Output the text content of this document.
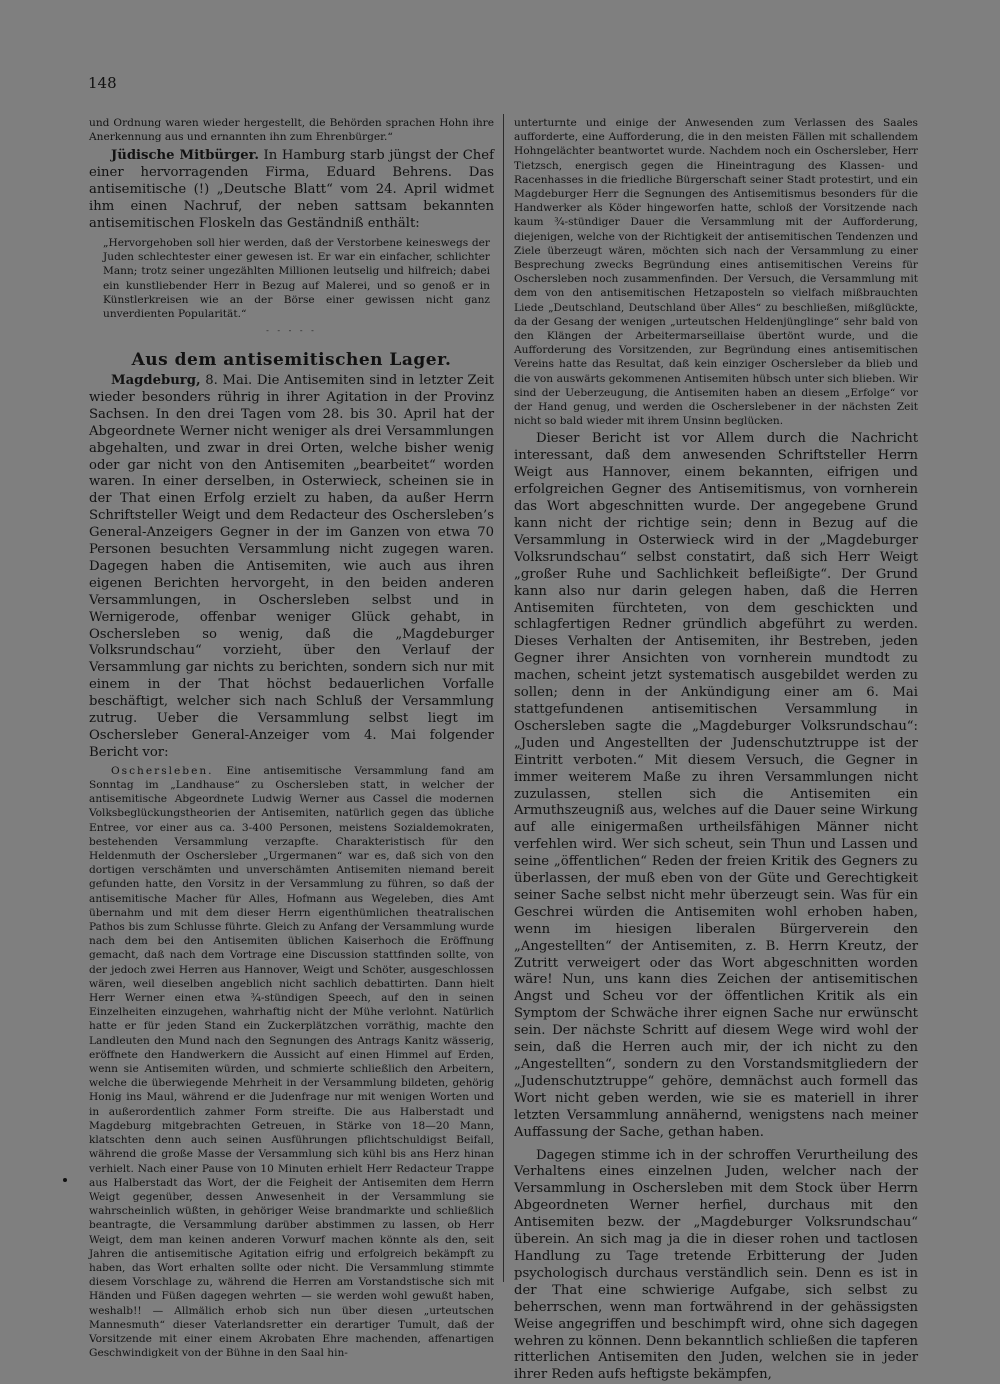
148

und Ordnung waren wieder hergestellt, die Behörden sprachen Hohn ihre Anerkennung aus und ernannten ihn zum Ehrenbürger.“

Jüdische Mitbürger. In Hamburg starb jüngst der Chef einer hervorragenden Firma, Eduard Behrens. Das antisemitische (!) „Deutsche Blatt“ vom 24. April widmet ihm einen Nachruf, der neben sattsam bekannten antisemitischen Floskeln das Geständniß enthält:

„Hervorgehoben soll hier werden, daß der Verstorbene keineswegs der Juden schlechtester einer gewesen ist. Er war ein einfacher, schlichter Mann; trotz seiner ungezählten Millionen leutselig und hilfreich; dabei ein kunstliebender Herr in Bezug auf Malerei, und so genoß er in Künstlerkreisen wie an der Börse einer gewissen nicht ganz unverdienten Popularität.“

- - - - -
Aus dem antisemitischen Lager.

Magdeburg, 8. Mai. Die Antisemiten sind in letzter Zeit wieder besonders rührig in ihrer Agitation in der Provinz Sachsen. In den drei Tagen vom 28. bis 30. April hat der Abgeordnete Werner nicht weniger als drei Versammlungen abgehalten, und zwar in drei Orten, welche bisher wenig oder gar nicht von den Antisemiten „bearbeitet“ worden waren. In einer derselben, in Osterwieck, scheinen sie in der That einen Erfolg erzielt zu haben, da außer Herrn Schriftsteller Weigt und dem Redacteur des Oschersleben’s General-Anzeigers Gegner in der im Ganzen von etwa 70 Personen besuchten Versammlung nicht zugegen waren. Dagegen haben die Antisemiten, wie auch aus ihren eigenen Berichten hervorgeht, in den beiden anderen Versammlungen, in Oschersleben selbst und in Wernigerode, offenbar weniger Glück gehabt, in Oschersleben so wenig, daß die „Magdeburger Volksrundschau“ vorzieht, über den Verlauf der Versammlung gar nichts zu berichten, sondern sich nur mit einem in der That höchst bedauerlichen Vorfalle beschäftigt, welcher sich nach Schluß der Versammlung zutrug. Ueber die Versammlung selbst liegt im Oschersleber General-Anzeiger vom 4. Mai folgender Bericht vor:

Oschersleben. Eine antisemitische Versammlung fand am Sonntag im „Landhause“ zu Oschersleben statt, in welcher der antisemitische Abgeordnete Ludwig Werner aus Cassel die modernen Volksbeglückungstheorien der Antisemiten, natürlich gegen das übliche Entree, vor einer aus ca. 3-400 Personen, meistens Sozialdemokraten, bestehenden Versammlung verzapfte. Charakteristisch für den Heldenmuth der Oschersleber „Urgermanen“ war es, daß sich von den dortigen verschämten und unverschämten Antisemiten niemand bereit gefunden hatte, den Vorsitz in der Versammlung zu führen, so daß der antisemitische Macher für Alles, Hofmann aus Wegeleben, dies Amt übernahm und mit dem dieser Herrn eigenthümlichen theatralischen Pathos bis zum Schlusse führte. Gleich zu Anfang der Versammlung wurde nach dem bei den Antisemiten üblichen Kaiserhoch die Eröffnung gemacht, daß nach dem Vortrage eine Discussion stattfinden sollte, von der jedoch zwei Herren aus Hannover, Weigt und Schöter, ausgeschlossen wären, weil dieselben angeblich nicht sachlich debattirten. Dann hielt Herr Werner einen etwa ¾-stündigen Speech, auf den in seinen Einzelheiten einzugehen, wahrhaftig nicht der Mühe verlohnt. Natürlich hatte er für jeden Stand ein Zuckerplätzchen vorräthig, machte den Landleuten den Mund nach den Segnungen des Antrags Kanitz wässerig, eröffnete den Handwerkern die Aussicht auf einen Himmel auf Erden, wenn sie Antisemiten würden, und schmierte schließlich den Arbeitern, welche die überwiegende Mehrheit in der Versammlung bildeten, gehörig Honig ins Maul, während er die Judenfrage nur mit wenigen Worten und in außerordentlich zahmer Form streifte. Die aus Halberstadt und Magdeburg mitgebrachten Getreuen, in Stärke von 18—20 Mann, klatschten denn auch seinen Ausführungen pflichtschuldigst Beifall, während die große Masse der Versammlung sich kühl bis ans Herz hinan verhielt. Nach einer Pause von 10 Minuten erhielt Herr Redacteur Trappe aus Halberstadt das Wort, der die Feigheit der Antisemiten dem Herrn Weigt gegenüber, dessen Anwesenheit in der Versammlung sie wahrscheinlich wüßten, in gehöriger Weise brandmarkte und schließlich beantragte, die Versammlung darüber abstimmen zu lassen, ob Herr Weigt, dem man keinen anderen Vorwurf machen könnte als den, seit Jahren die antisemitische Agitation eifrig und erfolgreich bekämpft zu haben, das Wort erhalten sollte oder nicht. Die Versammlung stimmte diesem Vorschlage zu, während die Herren am Vorstandstische sich mit Händen und Füßen dagegen wehrten — sie werden wohl gewußt haben, weshalb!! — Allmälich erhob sich nun über diesen „urteutschen Mannesmuth“ dieser Vaterlandsretter ein derartiger Tumult, daß der Vorsitzende mit einer einem Akrobaten Ehre machenden, affenartigen Geschwindigkeit von der Bühne in den Saal hin-

unterturnte und einige der Anwesenden zum Verlassen des Saales aufforderte, eine Aufforderung, die in den meisten Fällen mit schallendem Hohngelächter beantwortet wurde. Nachdem noch ein Oschersleber, Herr Tietzsch, energisch gegen die Hineintragung des Klassen- und Racenhasses in die friedliche Bürgerschaft seiner Stadt protestirt, und ein Magdeburger Herr die Segnungen des Antisemitismus besonders für die Handwerker als Köder hingeworfen hatte, schloß der Vorsitzende nach kaum ¾-stündiger Dauer die Versammlung mit der Aufforderung, diejenigen, welche von der Richtigkeit der antisemitischen Tendenzen und Ziele überzeugt wären, möchten sich nach der Versammlung zu einer Besprechung zwecks Begründung eines antisemitischen Vereins für Oschersleben noch zusammenfinden. Der Versuch, die Versammlung mit dem von den antisemitischen Hetzaposteln so vielfach mißbrauchten Liede „Deutschland, Deutschland über Alles“ zu beschließen, mißglückte, da der Gesang der wenigen „urteutschen Heldenjünglinge“ sehr bald von den Klängen der Arbeitermarseillaise übertönt wurde, und die Aufforderung des Vorsitzenden, zur Begründung eines antisemitischen Vereins hatte das Resultat, daß kein einziger Oschersleber da blieb und die von auswärts gekommenen Antisemiten hübsch unter sich blieben. Wir sind der Ueberzeugung, die Antisemiten haben an diesem „Erfolge“ vor der Hand genug, und werden die Oscherslebener in der nächsten Zeit nicht so bald wieder mit ihrem Unsinn beglücken.

Dieser Bericht ist vor Allem durch die Nachricht interessant, daß dem anwesenden Schriftsteller Herrn Weigt aus Hannover, einem bekannten, eifrigen und erfolgreichen Gegner des Antisemitismus, von vornherein das Wort abgeschnitten wurde. Der angegebene Grund kann nicht der richtige sein; denn in Bezug auf die Versammlung in Osterwieck wird in der „Magdeburger Volksrundschau“ selbst constatirt, daß sich Herr Weigt „großer Ruhe und Sachlichkeit befleißigte“. Der Grund kann also nur darin gelegen haben, daß die Herren Antisemiten fürchteten, von dem geschickten und schlagfertigen Redner gründlich abgeführt zu werden. Dieses Verhalten der Antisemiten, ihr Bestreben, jeden Gegner ihrer Ansichten von vornherein mundtodt zu machen, scheint jetzt systematisch ausgebildet werden zu sollen; denn in der Ankündigung einer am 6. Mai stattgefundenen antisemitischen Versammlung in Oschersleben sagte die „Magdeburger Volksrundschau“: „Juden und Angestellten der Judenschutztruppe ist der Eintritt verboten.“ Mit diesem Versuch, die Gegner in immer weiterem Maße zu ihren Versammlungen nicht zuzulassen, stellen sich die Antisemiten ein Armuthszeugniß aus, welches auf die Dauer seine Wirkung auf alle einigermaßen urtheilsfähigen Männer nicht verfehlen wird. Wer sich scheut, sein Thun und Lassen und seine „öffentlichen“ Reden der freien Kritik des Gegners zu überlassen, der muß eben von der Güte und Gerechtigkeit seiner Sache selbst nicht mehr überzeugt sein. Was für ein Geschrei würden die Antisemiten wohl erhoben haben, wenn im hiesigen liberalen Bürgerverein den „Angestellten“ der Antisemiten, z. B. Herrn Kreutz, der Zutritt verweigert oder das Wort abgeschnitten worden wäre! Nun, uns kann dies Zeichen der antisemitischen Angst und Scheu vor der öffentlichen Kritik als ein Symptom der Schwäche ihrer eignen Sache nur erwünscht sein. Der nächste Schritt auf diesem Wege wird wohl der sein, daß die Herren auch mir, der ich nicht zu den „Angestellten“, sondern zu den Vorstandsmitgliedern der „Judenschutztruppe“ gehöre, demnächst auch formell das Wort nicht geben werden, wie sie es materiell in ihrer letzten Versammlung annähernd, wenigstens nach meiner Auffassung der Sache, gethan haben.

Dagegen stimme ich in der schroffen Verurtheilung des Verhaltens eines einzelnen Juden, welcher nach der Versammlung in Oschersleben mit dem Stock über Herrn Abgeordneten Werner herfiel, durchaus mit den Antisemiten bezw. der „Magdeburger Volksrundschau“ überein. An sich mag ja die in dieser rohen und tactlosen Handlung zu Tage tretende Erbitterung der Juden psychologisch durchaus verständlich sein. Denn es ist in der That eine schwierige Aufgabe, sich selbst zu beherrschen, wenn man fortwährend in der gehässigsten Weise angegriffen und beschimpft wird, ohne sich dagegen wehren zu können. Denn bekanntlich schließen die tapferen ritterlichen Antisemiten den Juden, welchen sie in jeder ihrer Reden aufs heftigste bekämpfen,
